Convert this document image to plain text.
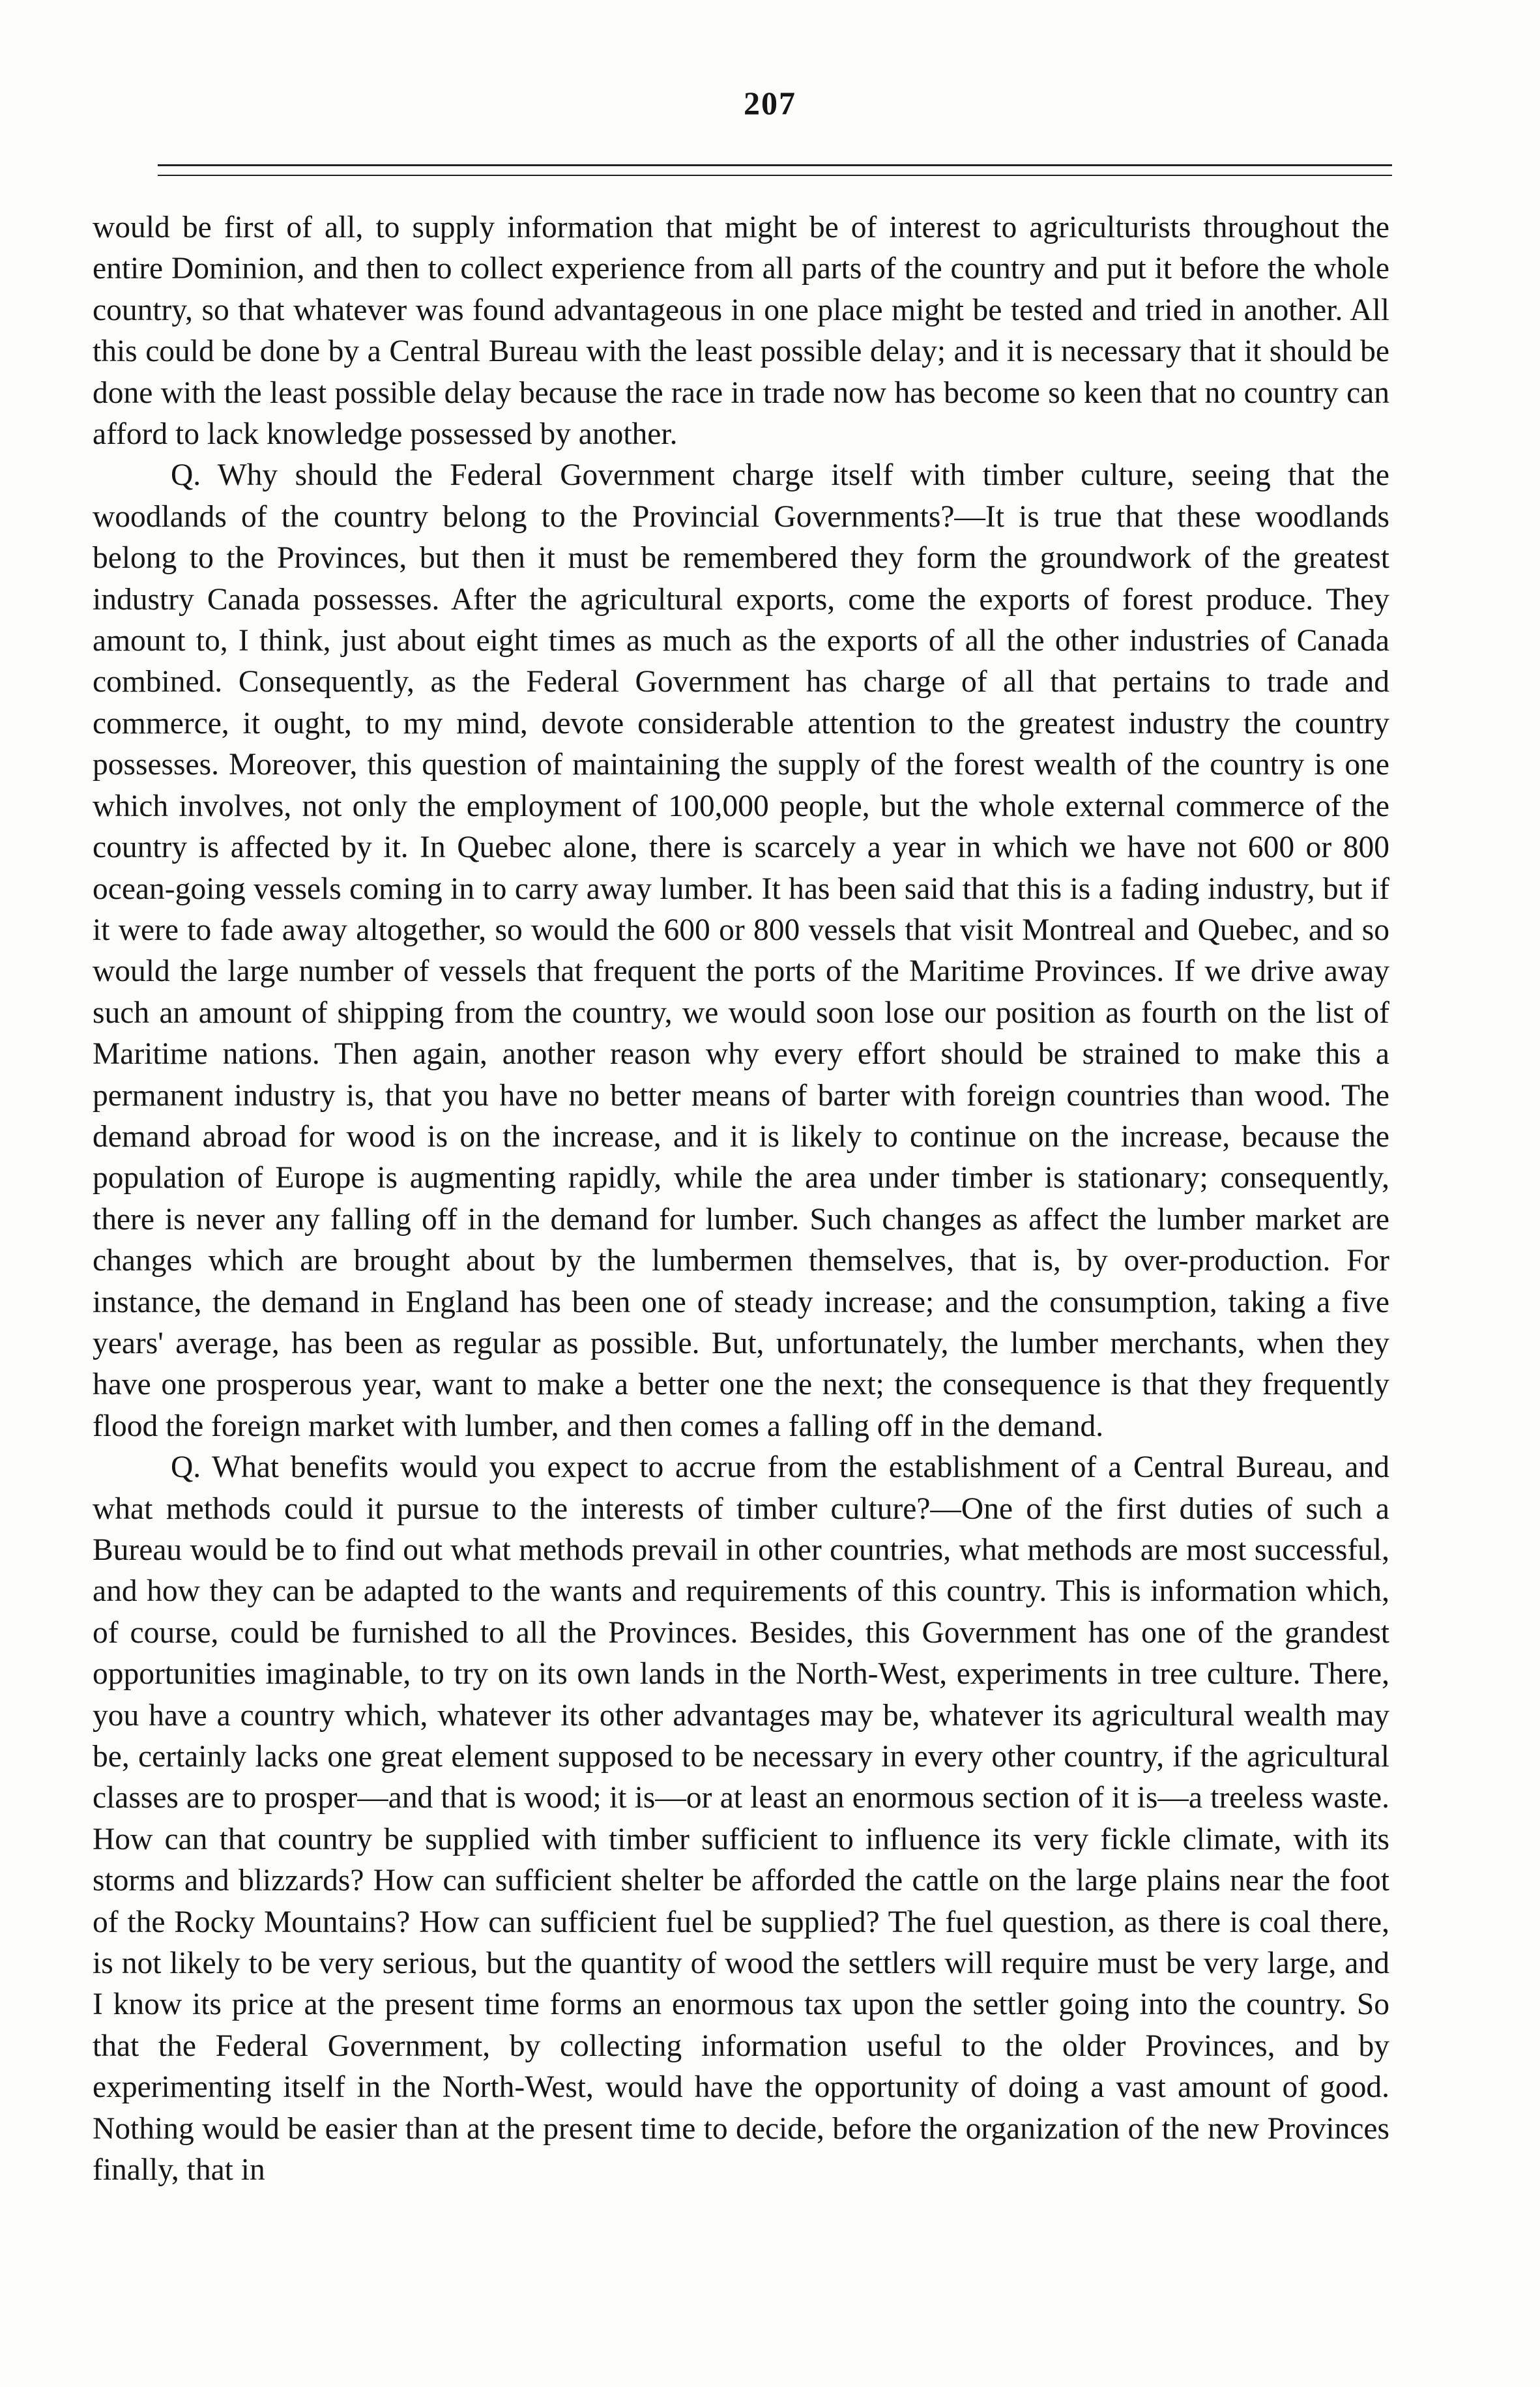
207

would be first of all, to supply information that might be of interest to agriculturists throughout the entire Dominion, and then to collect experience from all parts of the country and put it before the whole country, so that whatever was found advantageous in one place might be tested and tried in another. All this could be done by a Central Bureau with the least possible delay; and it is necessary that it should be done with the least possible delay because the race in trade now has become so keen that no country can afford to lack knowledge possessed by another.

Q. Why should the Federal Government charge itself with timber culture, seeing that the woodlands of the country belong to the Provincial Governments?—It is true that these woodlands belong to the Provinces, but then it must be remembered they form the groundwork of the greatest industry Canada possesses. After the agricultural exports, come the exports of forest produce. They amount to, I think, just about eight times as much as the exports of all the other industries of Canada combined. Consequently, as the Federal Government has charge of all that pertains to trade and commerce, it ought, to my mind, devote considerable attention to the greatest industry the country possesses. Moreover, this question of maintaining the supply of the forest wealth of the country is one which involves, not only the employment of 100,000 people, but the whole external commerce of the country is affected by it. In Quebec alone, there is scarcely a year in which we have not 600 or 800 ocean-going vessels coming in to carry away lumber. It has been said that this is a fading industry, but if it were to fade away altogether, so would the 600 or 800 vessels that visit Montreal and Quebec, and so would the large number of vessels that frequent the ports of the Maritime Provinces. If we drive away such an amount of shipping from the country, we would soon lose our position as fourth on the list of Maritime nations. Then again, another reason why every effort should be strained to make this a permanent industry is, that you have no better means of barter with foreign countries than wood. The demand abroad for wood is on the increase, and it is likely to continue on the increase, because the population of Europe is augmenting rapidly, while the area under timber is stationary; consequently, there is never any falling off in the demand for lumber. Such changes as affect the lumber market are changes which are brought about by the lumbermen themselves, that is, by over-production. For instance, the demand in England has been one of steady increase; and the consumption, taking a five years' average, has been as regular as possible. But, unfortunately, the lumber merchants, when they have one prosperous year, want to make a better one the next; the consequence is that they frequently flood the foreign market with lumber, and then comes a falling off in the demand.

Q. What benefits would you expect to accrue from the establishment of a Central Bureau, and what methods could it pursue to the interests of timber culture?—One of the first duties of such a Bureau would be to find out what methods prevail in other countries, what methods are most successful, and how they can be adapted to the wants and requirements of this country. This is information which, of course, could be furnished to all the Provinces. Besides, this Government has one of the grandest opportunities imaginable, to try on its own lands in the North-West, experiments in tree culture. There, you have a country which, whatever its other advantages may be, whatever its agricultural wealth may be, certainly lacks one great element supposed to be necessary in every other country, if the agricultural classes are to prosper—and that is wood; it is—or at least an enormous section of it is—a treeless waste. How can that country be supplied with timber sufficient to influence its very fickle climate, with its storms and blizzards? How can sufficient shelter be afforded the cattle on the large plains near the foot of the Rocky Mountains? How can sufficient fuel be supplied? The fuel question, as there is coal there, is not likely to be very serious, but the quantity of wood the settlers will require must be very large, and I know its price at the present time forms an enormous tax upon the settler going into the country. So that the Federal Government, by collecting information useful to the older Provinces, and by experimenting itself in the North-West, would have the opportunity of doing a vast amount of good. Nothing would be easier than at the present time to decide, before the organization of the new Provinces finally, that in
